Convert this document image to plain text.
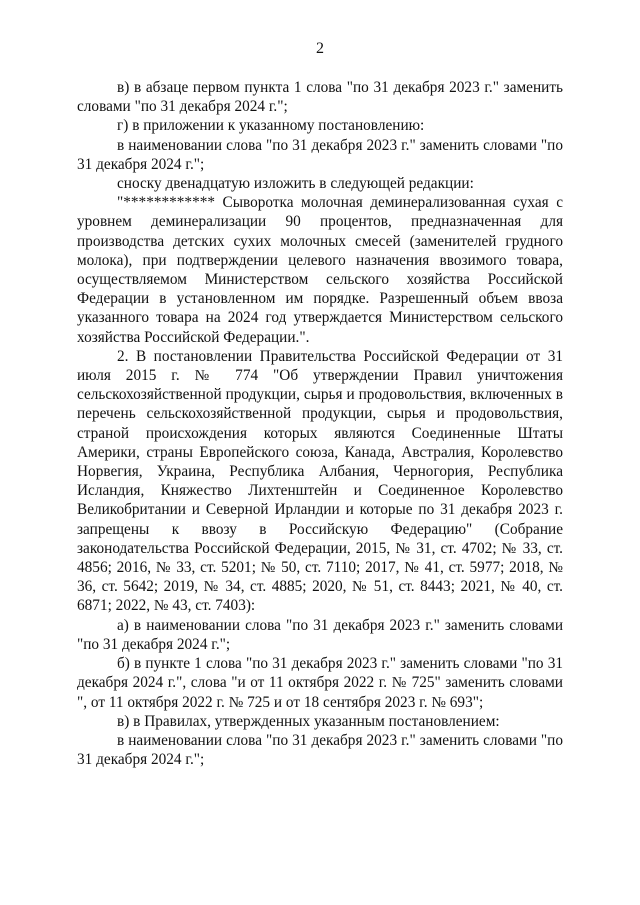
2

в) в абзаце первом пункта 1 слова "по 31 декабря 2023 г." заменить словами "по 31 декабря 2024 г.";

г) в приложении к указанному постановлению:

в наименовании слова "по 31 декабря 2023 г." заменить словами "по 31 декабря 2024 г.";

сноску двенадцатую изложить в следующей редакции:

"************ Сыворотка молочная деминерализованная сухая с уровнем деминерализации 90 процентов, предназначенная для производства детских сухих молочных смесей (заменителей грудного молока), при подтверждении целевого назначения ввозимого товара, осуществляемом Министерством сельского хозяйства Российской Федерации в установленном им порядке. Разрешенный объем ввоза указанного товара на 2024 год утверждается Министерством сельского хозяйства Российской Федерации.".

2. В постановлении Правительства Российской Федерации от 31 июля 2015 г. № 774 "Об утверждении Правил уничтожения сельскохозяйственной продукции, сырья и продовольствия, включенных в перечень сельскохозяйственной продукции, сырья и продовольствия, страной происхождения которых являются Соединенные Штаты Америки, страны Европейского союза, Канада, Австралия, Королевство Норвегия, Украина, Республика Албания, Черногория, Республика Исландия, Княжество Лихтенштейн и Соединенное Королевство Великобритании и Северной Ирландии и которые по 31 декабря 2023 г. запрещены к ввозу в Российскую Федерацию" (Собрание законодательства Российской Федерации, 2015, № 31, ст. 4702; № 33, ст. 4856; 2016, № 33, ст. 5201; № 50, ст. 7110; 2017, № 41, ст. 5977; 2018, № 36, ст. 5642; 2019, № 34, ст. 4885; 2020, № 51, ст. 8443; 2021, № 40, ст. 6871; 2022, № 43, ст. 7403):

а) в наименовании слова "по 31 декабря 2023 г." заменить словами "по 31 декабря 2024 г.";

б) в пункте 1 слова "по 31 декабря 2023 г." заменить словами "по 31 декабря 2024 г.", слова "и от 11 октября 2022 г. № 725" заменить словами ", от 11 октября 2022 г. № 725 и от 18 сентября 2023 г. № 693";

в) в Правилах, утвержденных указанным постановлением:

в наименовании слова "по 31 декабря 2023 г." заменить словами "по 31 декабря 2024 г.";
